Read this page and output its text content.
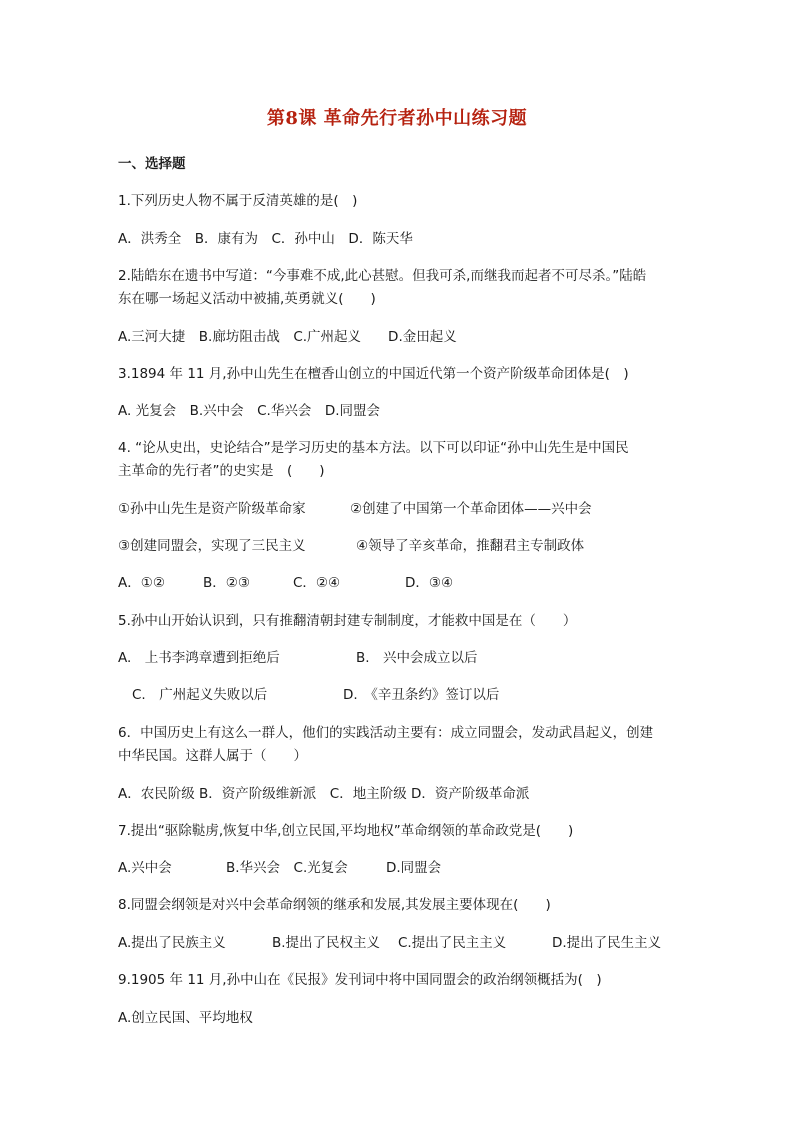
第8课 革命先行者孙中山练习题
一、选择题
1.下列历史人物不属于反清英雄的是(　)
A．洪秀全　B．康有为　C．孙中山　D．陈天华
2.陆皓东在遗书中写道：“今事难不成,此心甚慰。但我可杀,而继我而起者不可尽杀。”陆皓
东在哪一场起义活动中被捕,英勇就义(　　)
A.三河大捷　B.廊坊阻击战　C.广州起义　　D.金田起义
3.1894 年 11 月,孙中山先生在檀香山创立的中国近代第一个资产阶级革命团体是(　)
A. 光复会　B.兴中会　C.华兴会　D.同盟会
4. “论从史出，史论结合”是学习历史的基本方法。以下可以印证“孙中山先生是中国民
主革命的先行者”的史实是　(　　)
①孙中山先生是资产阶级革命家	②创建了中国第一个革命团体——兴中会
③创建同盟会，实现了三民主义	④领导了辛亥革命，推翻君主专制政体
A．①②	B．②③	C．②④	D．③④
5.孙中山开始认识到，只有推翻清朝封建专制制度，才能救中国是在（　　）
A.　上书李鸿章遭到拒绝后	B.　兴中会成立以后
C.　广州起义失败以后	D.　《辛丑条约》签订以后
6．中国历史上有这么一群人，他们的实践活动主要有：成立同盟会，发动武昌起义，创建
中华民国。这群人属于（　　）
A．农民阶级 B．资产阶级维新派　C．地主阶级 D．资产阶级革命派
7.提出“驱除鞑虏,恢复中华,创立民国,平均地权”革命纲领的革命政党是(　　)
A.兴中会	B.华兴会　C.光复会	D.同盟会
8.同盟会纲领是对兴中会革命纲领的继承和发展,其发展主要体现在(　　)
A.提出了民族主义	B.提出了民权主义 C.提出了民主主义	D.提出了民生主义
9.1905 年 11 月,孙中山在《民报》发刊词中将中国同盟会的政治纲领概括为(　)
A.创立民国、平均地权
